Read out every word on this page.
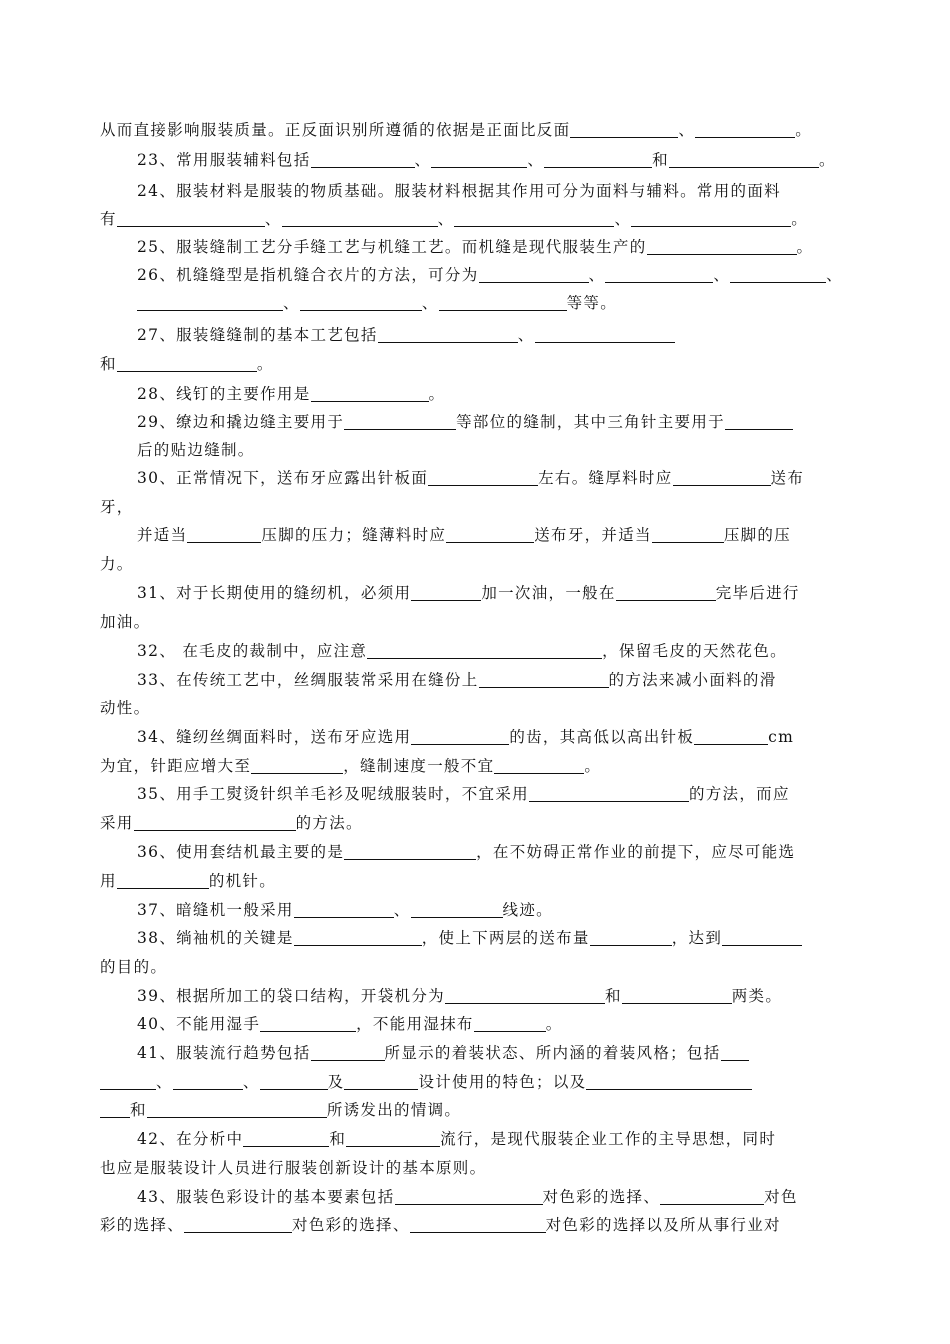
从而直接影响服装质量。正反面识别所遵循的依据是正面比反面	、	。
23、常用服装辅料包括	、	、	和	。
24、服装材料是服装的物质基础。服装材料根据其作用可分为面料与辅料。常用的面料
有	、	、	、	。
25、服装缝制工艺分手缝工艺与机缝工艺。而机缝是现代服装生产的	。
26、机缝缝型是指机缝合衣片的方法，可分为	、	、	、
、	、	等等。
27、服装缝缝制的基本工艺包括	、
和	。
28、线钉的主要作用是	。
29、缭边和撬边缝主要用于	等部位的缝制，其中三角针主要用于
后的贴边缝制。
30、正常情况下，送布牙应露出针板面	左右。缝厚料时应	送布
牙，
并适当	压脚的压力；缝薄料时应	送布牙，并适当	压脚的压
力。
31、对于长期使用的缝纫机，必须用	加一次油，一般在	完毕后进行
加油。
32、 在毛皮的裁制中，应注意	，保留毛皮的天然花色。
33、在传统工艺中，丝绸服装常采用在缝份上	的方法来减小面料的滑
动性。
34、缝纫丝绸面料时，送布牙应选用	的齿，其高低以高出针板	cm
为宜，针距应增大至	，缝制速度一般不宜	。
35、用手工熨烫针织羊毛衫及呢绒服装时，不宜采用	的方法，而应
采用	的方法。
36、使用套结机最主要的是	，在不妨碍正常作业的前提下，应尽可能选
用	的机针。
37、暗缝机一般采用	、	线迹。
38、绱袖机的关键是	，使上下两层的送布量	，达到
的目的。
39、根据所加工的袋口结构，开袋机分为	和	两类。
40、不能用湿手	，不能用湿抹布	。
41、服装流行趋势包括	所显示的着装状态、所内涵的着装风格；包括
、	、	及	设计使用的特色；以及
和	所诱发出的情调。
42、在分析中	和	流行，是现代服装企业工作的主导思想，同时
也应是服装设计人员进行服装创新设计的基本原则。
43、服装色彩设计的基本要素包括	对色彩的选择、	对色
彩的选择、	对色彩的选择、	对色彩的选择以及所从事行业对
